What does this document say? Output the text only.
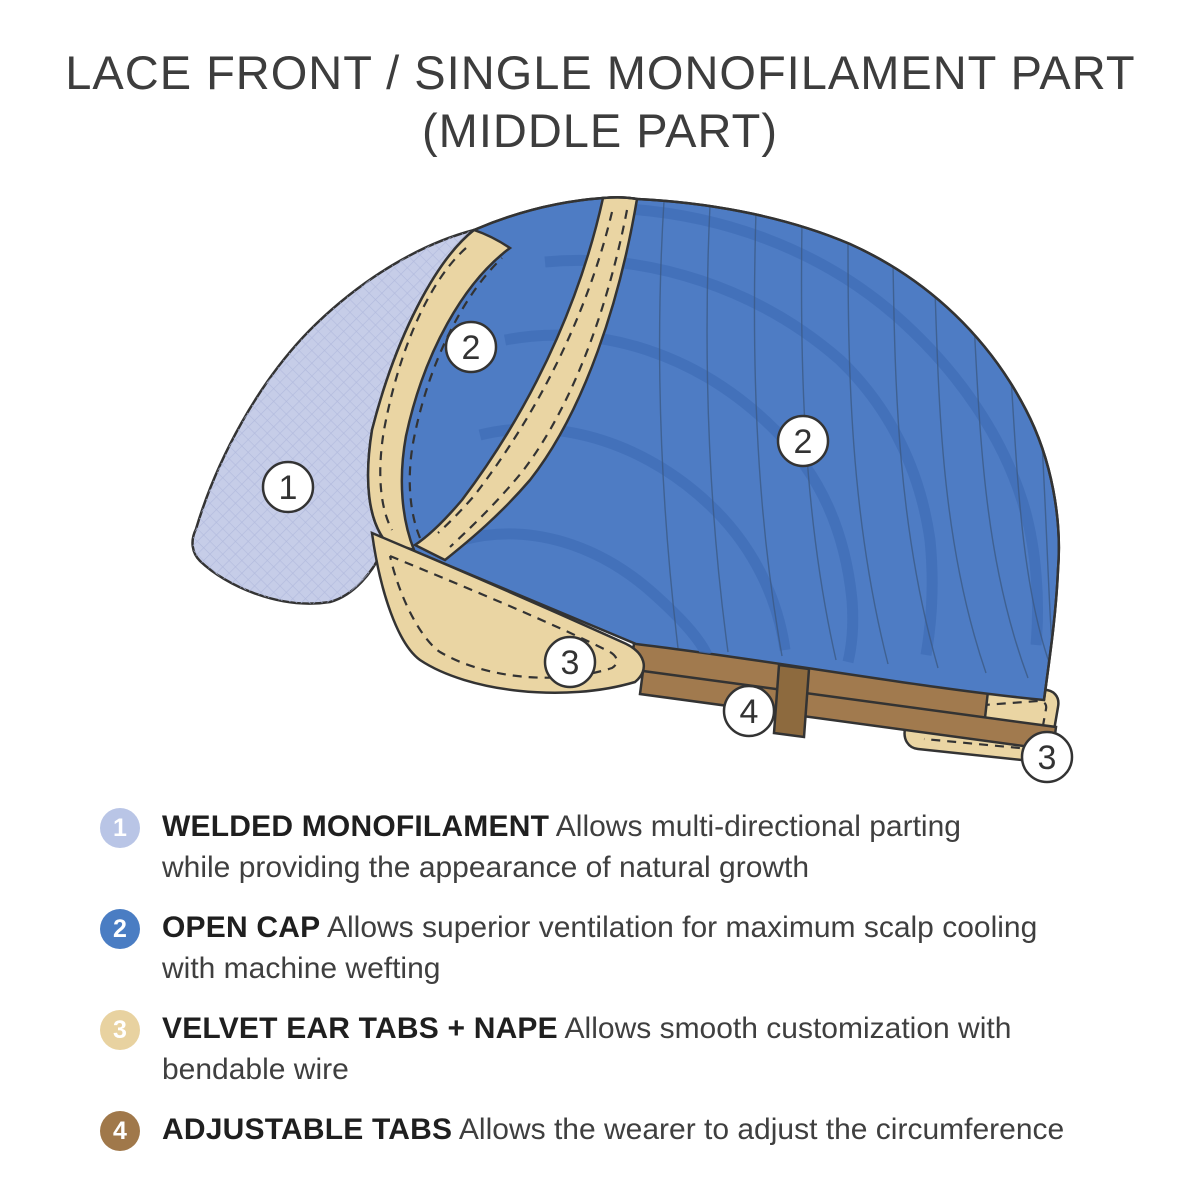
1
2
2
3
4
3
LACE FRONT / SINGLE MONOFILAMENT PART (MIDDLE PART)
1	WELDED MONOFILAMENT Allows multi-directional parting
while providing the appearance of natural growth
2	OPEN CAP Allows superior ventilation for maximum scalp cooling
with machine wefting
3	VELVET EAR TABS + NAPE Allows smooth customization with
bendable wire
4	ADJUSTABLE TABS Allows the wearer to adjust the circumference
